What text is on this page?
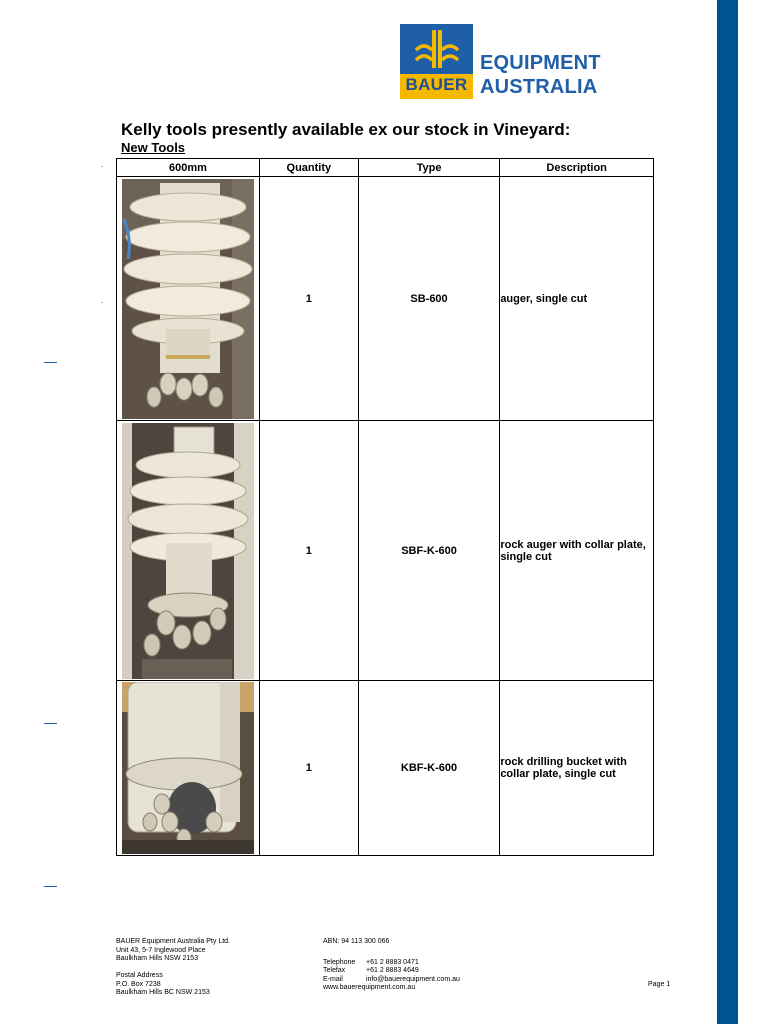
BAUER
EQUIPMENT
AUSTRALIA
Kelly tools presently available ex our stock in Vineyard:
New Tools
.
.
600mm	Quantity	Type	Description

	1	SB-600	auger, single cut

	1	SBF-K-600	rock auger with collar plate, single cut

	1	KBF-K-600	rock drilling bucket with collar plate, single cut
BAUER Equipment Australia Pty Ltd.
Unit 43, 5-7 Inglewood Place
Baulkham Hills NSW 2153
Postal Address
P.O. Box 7238
Baulkham Hills BC NSW 2153
ABN: 94 113 300 066
Telephone	+61 2 8883 0471
Telefax	+61 2 8883 4649
E-mail	info@bauerequipment.com.au
www.bauerequipment.com.au	Page 1
